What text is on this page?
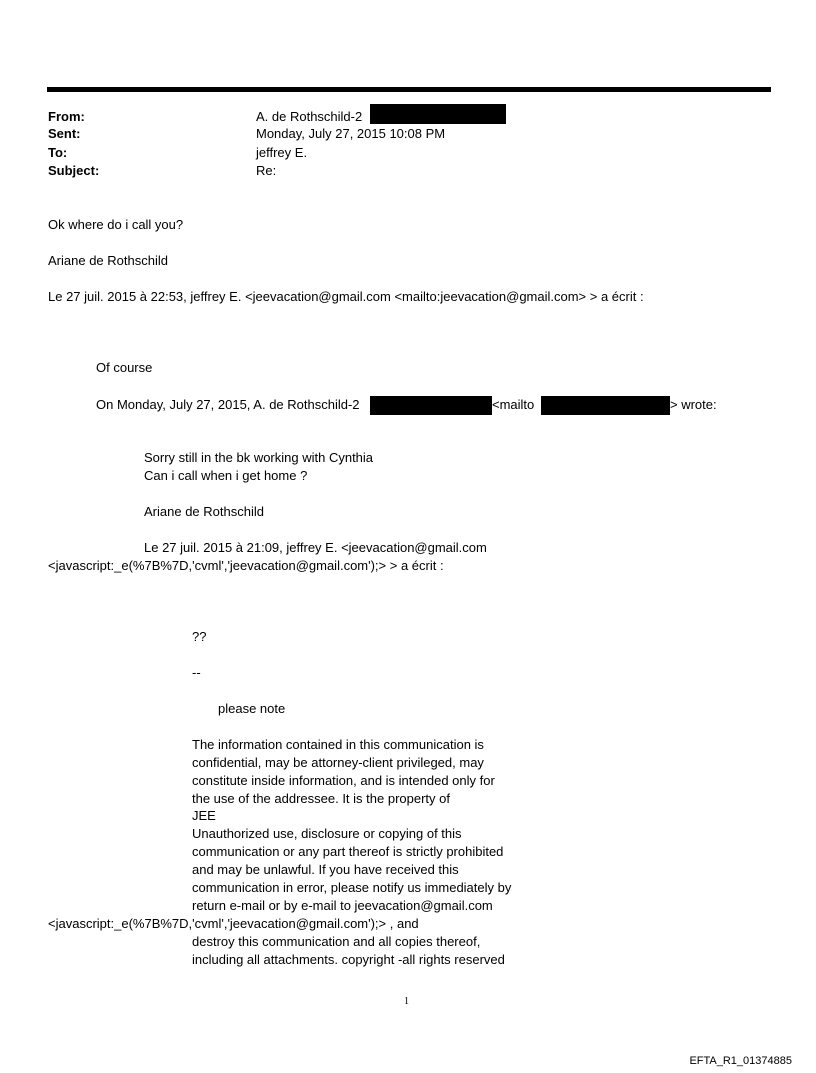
From:	A. de Rothschild-2
Sent:	Monday, July 27, 2015 10:08 PM
To:	jeffrey E.
Subject:	Re:
Ok where do i call you?
Ariane de Rothschild
Le 27 juil. 2015 à 22:53, jeffrey E. <jeevacation@gmail.com <mailto:jeevacation@gmail.com> > a écrit :
Of course
On Monday, July 27, 2015, A. de Rothschild-2	<mailto	> wrote:
Sorry still in the bk working with Cynthia
Can i call when i get home ?
Ariane de Rothschild
Le 27 juil. 2015 à 21:09, jeffrey E. <jeevacation@gmail.com
<javascript:_e(%7B%7D,'cvml','jeevacation@gmail.com');> > a écrit :
??
--
please note
The information contained in this communication is
confidential, may be attorney-client privileged, may
constitute inside information, and is intended only for
the use of the addressee. It is the property of
JEE
Unauthorized use, disclosure or copying of this
communication or any part thereof is strictly prohibited
and may be unlawful. If you have received this
communication in error, please notify us immediately by
return e-mail or by e-mail to jeevacation@gmail.com
<javascript:_e(%7B%7D,'cvml','jeevacation@gmail.com');> , and
destroy this communication and all copies thereof,
including all attachments. copyright -all rights reserved
1
EFTA_R1_01374885
